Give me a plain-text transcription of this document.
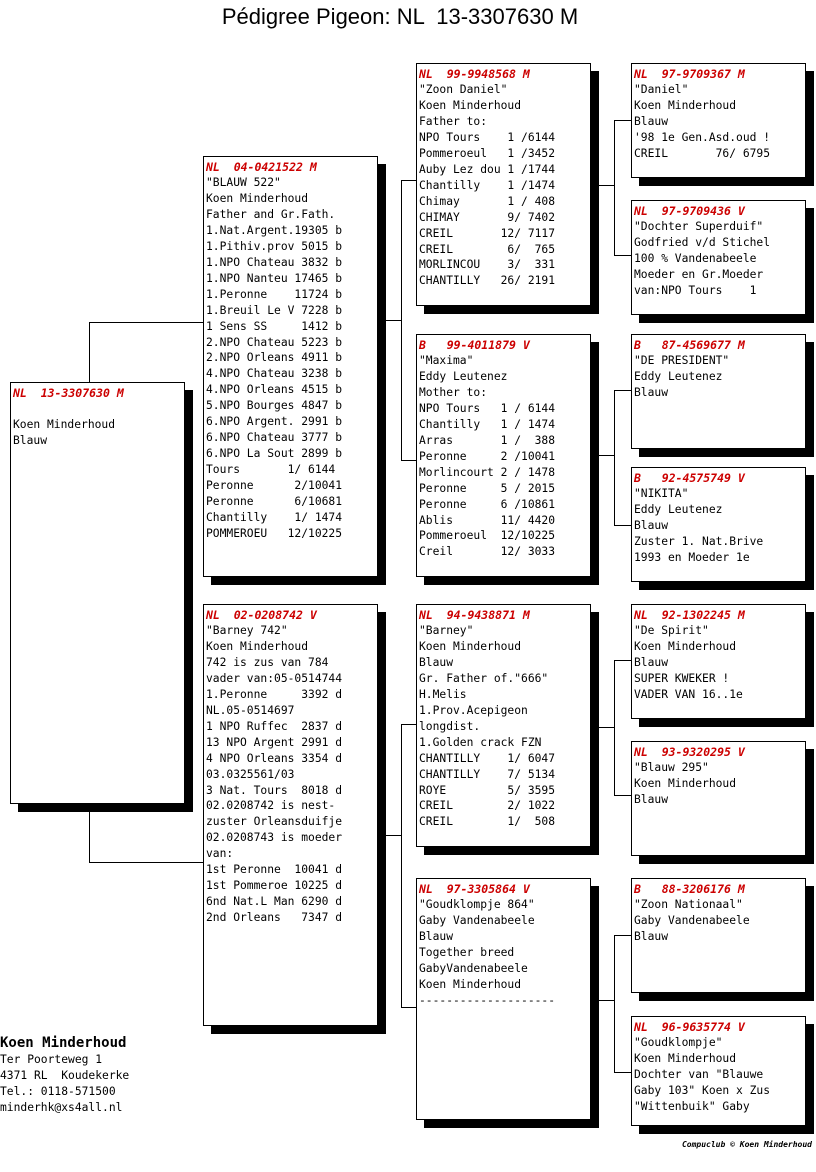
Pédigree Pigeon: NL  13-3307630 M
NL  13-3307630 M

Koen Minderhoud
Blauw
NL  04-0421522 M
"BLAUW 522"
Koen Minderhoud
Father and Gr.Fath.
1.Nat.Argent.19305 b
1.Pithiv.prov 5015 b
1.NPO Chateau 3832 b
1.NPO Nanteu 17465 b
1.Peronne    11724 b
1.Breuil Le V 7228 b
1 Sens SS     1412 b
2.NPO Chateau 5223 b
2.NPO Orleans 4911 b
4.NPO Chateau 3238 b
4.NPO Orleans 4515 b
5.NPO Bourges 4847 b
6.NPO Argent. 2991 b
6.NPO Chateau 3777 b
6.NPO La Sout 2899 b
Tours       1/ 6144
Peronne      2/10041
Peronne      6/10681
Chantilly    1/ 1474
POMMEROEU   12/10225
NL  02-0208742 V
"Barney 742"
Koen Minderhoud
742 is zus van 784
vader van:05-0514744
1.Peronne     3392 d
NL.05-0514697
1 NPO Ruffec  2837 d
13 NPO Argent 2991 d
4 NPO Orleans 3354 d
03.0325561/03
3 Nat. Tours  8018 d
02.0208742 is nest-
zuster Orleansduifje
02.0208743 is moeder
van:
1st Peronne  10041 d
1st Pommeroe 10225 d
6nd Nat.L Man 6290 d
2nd Orleans   7347 d
NL  99-9948568 M
"Zoon Daniel"
Koen Minderhoud
Father to:
NPO Tours    1 /6144
Pommeroeul   1 /3452
Auby Lez dou 1 /1744
Chantilly    1 /1474
Chimay       1 / 408
CHIMAY       9/ 7402
CREIL       12/ 7117
CREIL        6/  765
MORLINCOU    3/  331
CHANTILLY   26/ 2191
B   99-4011879 V
"Maxima"
Eddy Leutenez
Mother to:
NPO Tours   1 / 6144
Chantilly   1 / 1474
Arras       1 /  388
Peronne     2 /10041
Morlincourt 2 / 1478
Peronne     5 / 2015
Peronne     6 /10861
Ablis       11/ 4420
Pommeroeul  12/10225
Creil       12/ 3033
NL  94-9438871 M
"Barney"
Koen Minderhoud
Blauw
Gr. Father of."666"
H.Melis
1.Prov.Acepigeon
longdist.
1.Golden crack FZN
CHANTILLY    1/ 6047
CHANTILLY    7/ 5134
ROYE         5/ 3595
CREIL        2/ 1022
CREIL        1/  508
NL  97-3305864 V
"Goudklompje 864"
Gaby Vandenabeele
Blauw
Together breed
GabyVandenabeele
Koen Minderhoud
--------------------
NL  97-9709367 M
"Daniel"
Koen Minderhoud
Blauw
'98 1e Gen.Asd.oud !
CREIL       76/ 6795
NL  97-9709436 V
"Dochter Superduif"
Godfried v/d Stichel
100 % Vandenabeele
Moeder en Gr.Moeder
van:NPO Tours    1
B   87-4569677 M
"DE PRESIDENT"
Eddy Leutenez
Blauw
B   92-4575749 V
"NIKITA"
Eddy Leutenez
Blauw
Zuster 1. Nat.Brive
1993 en Moeder 1e
NL  92-1302245 M
"De Spirit"
Koen Minderhoud
Blauw
SUPER KWEKER !
VADER VAN 16..1e
NL  93-9320295 V
"Blauw 295"
Koen Minderhoud
Blauw
B   88-3206176 M
"Zoon Nationaal"
Gaby Vandenabeele
Blauw
NL  96-9635774 V
"Goudklompje"
Koen Minderhoud
Dochter van "Blauwe
Gaby 103" Koen x Zus
"Wittenbuik" Gaby
Koen Minderhoud
Ter Poorteweg 1
4371 RL  Koudekerke
Tel.: 0118-571500
minderhk@xs4all.nl
Compuclub © Koen Minderhoud
